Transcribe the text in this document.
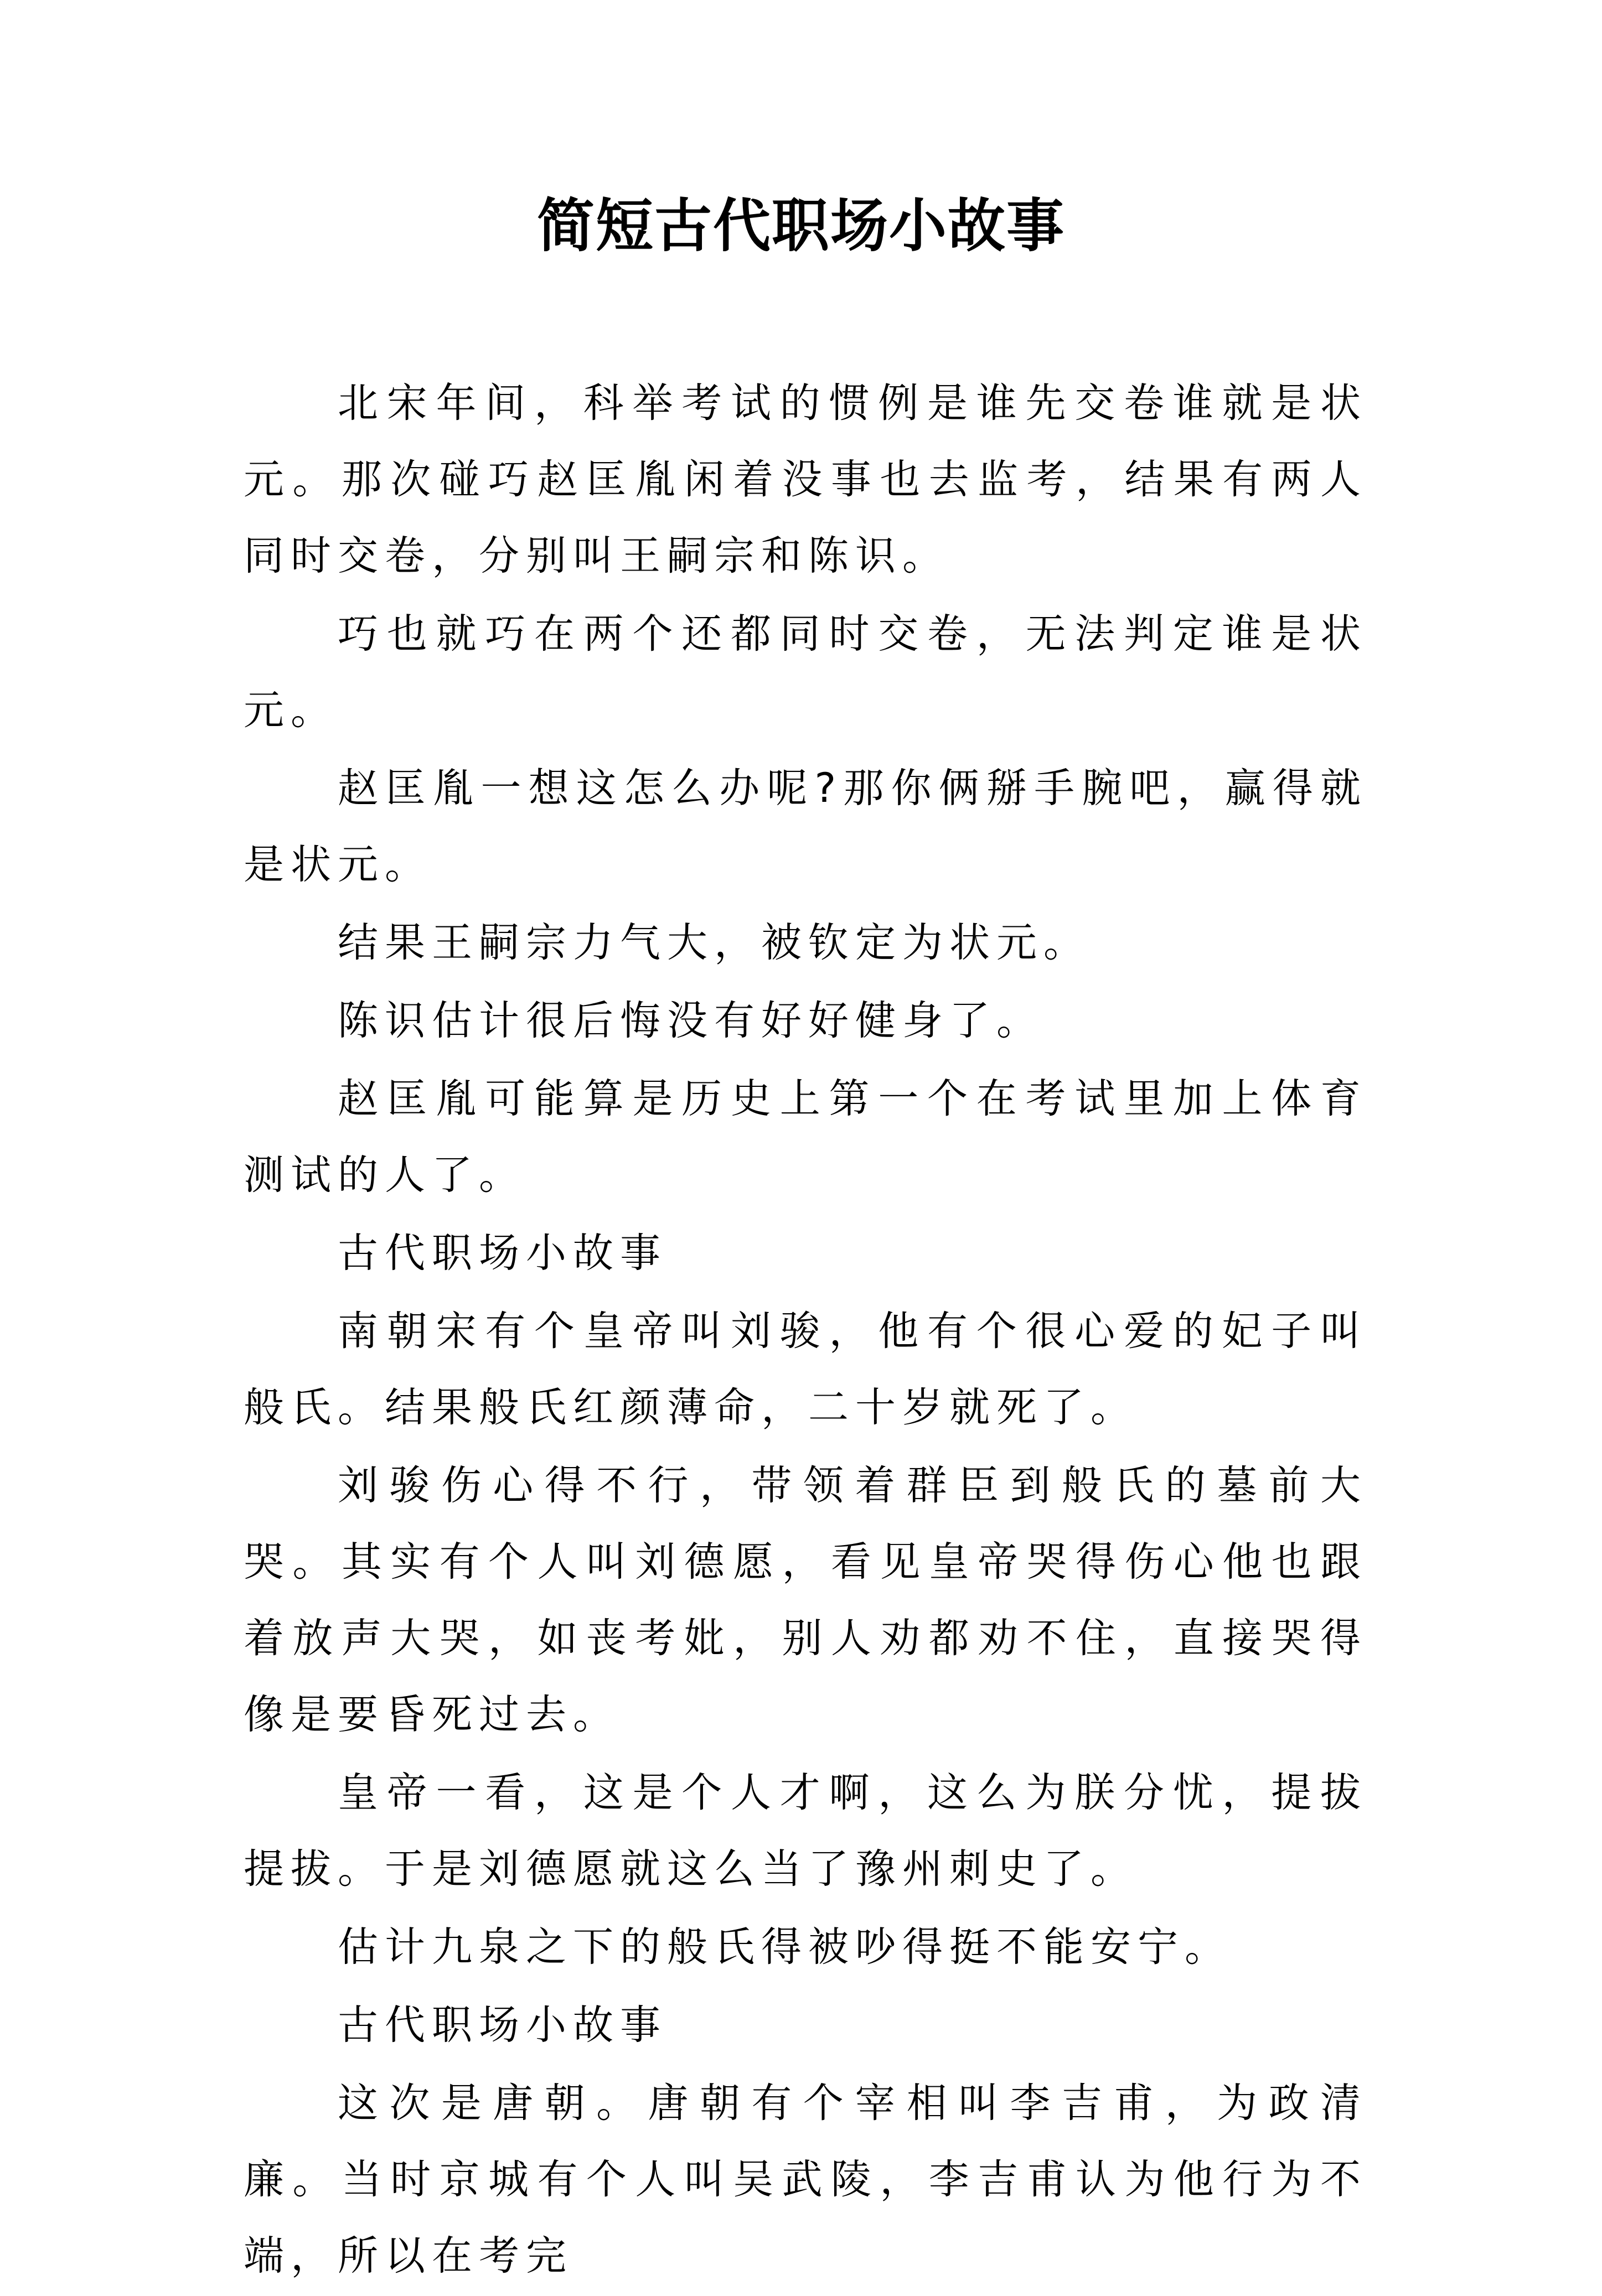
简短古代职场小故事

北宋年间，科举考试的惯例是谁先交卷谁就是状元。那次碰巧赵匡胤闲着没事也去监考，结果有两人同时交卷，分别叫王嗣宗和陈识。

巧也就巧在两个还都同时交卷，无法判定谁是状元。

赵匡胤一想这怎么办呢?那你俩掰手腕吧，赢得就是状元。

结果王嗣宗力气大，被钦定为状元。

陈识估计很后悔没有好好健身了。

赵匡胤可能算是历史上第一个在考试里加上体育测试的人了。

古代职场小故事

南朝宋有个皇帝叫刘骏，他有个很心爱的妃子叫般氏。结果般氏红颜薄命，二十岁就死了。

刘骏伤心得不行，带领着群臣到般氏的墓前大哭。其实有个人叫刘德愿，看见皇帝哭得伤心他也跟着放声大哭，如丧考妣，别人劝都劝不住，直接哭得像是要昏死过去。

皇帝一看，这是个人才啊，这么为朕分忧，提拔提拔。于是刘德愿就这么当了豫州刺史了。

估计九泉之下的般氏得被吵得挺不能安宁。

古代职场小故事

这次是唐朝。唐朝有个宰相叫李吉甫，为政清廉。当时京城有个人叫吴武陵，李吉甫认为他行为不端，所以在考完
